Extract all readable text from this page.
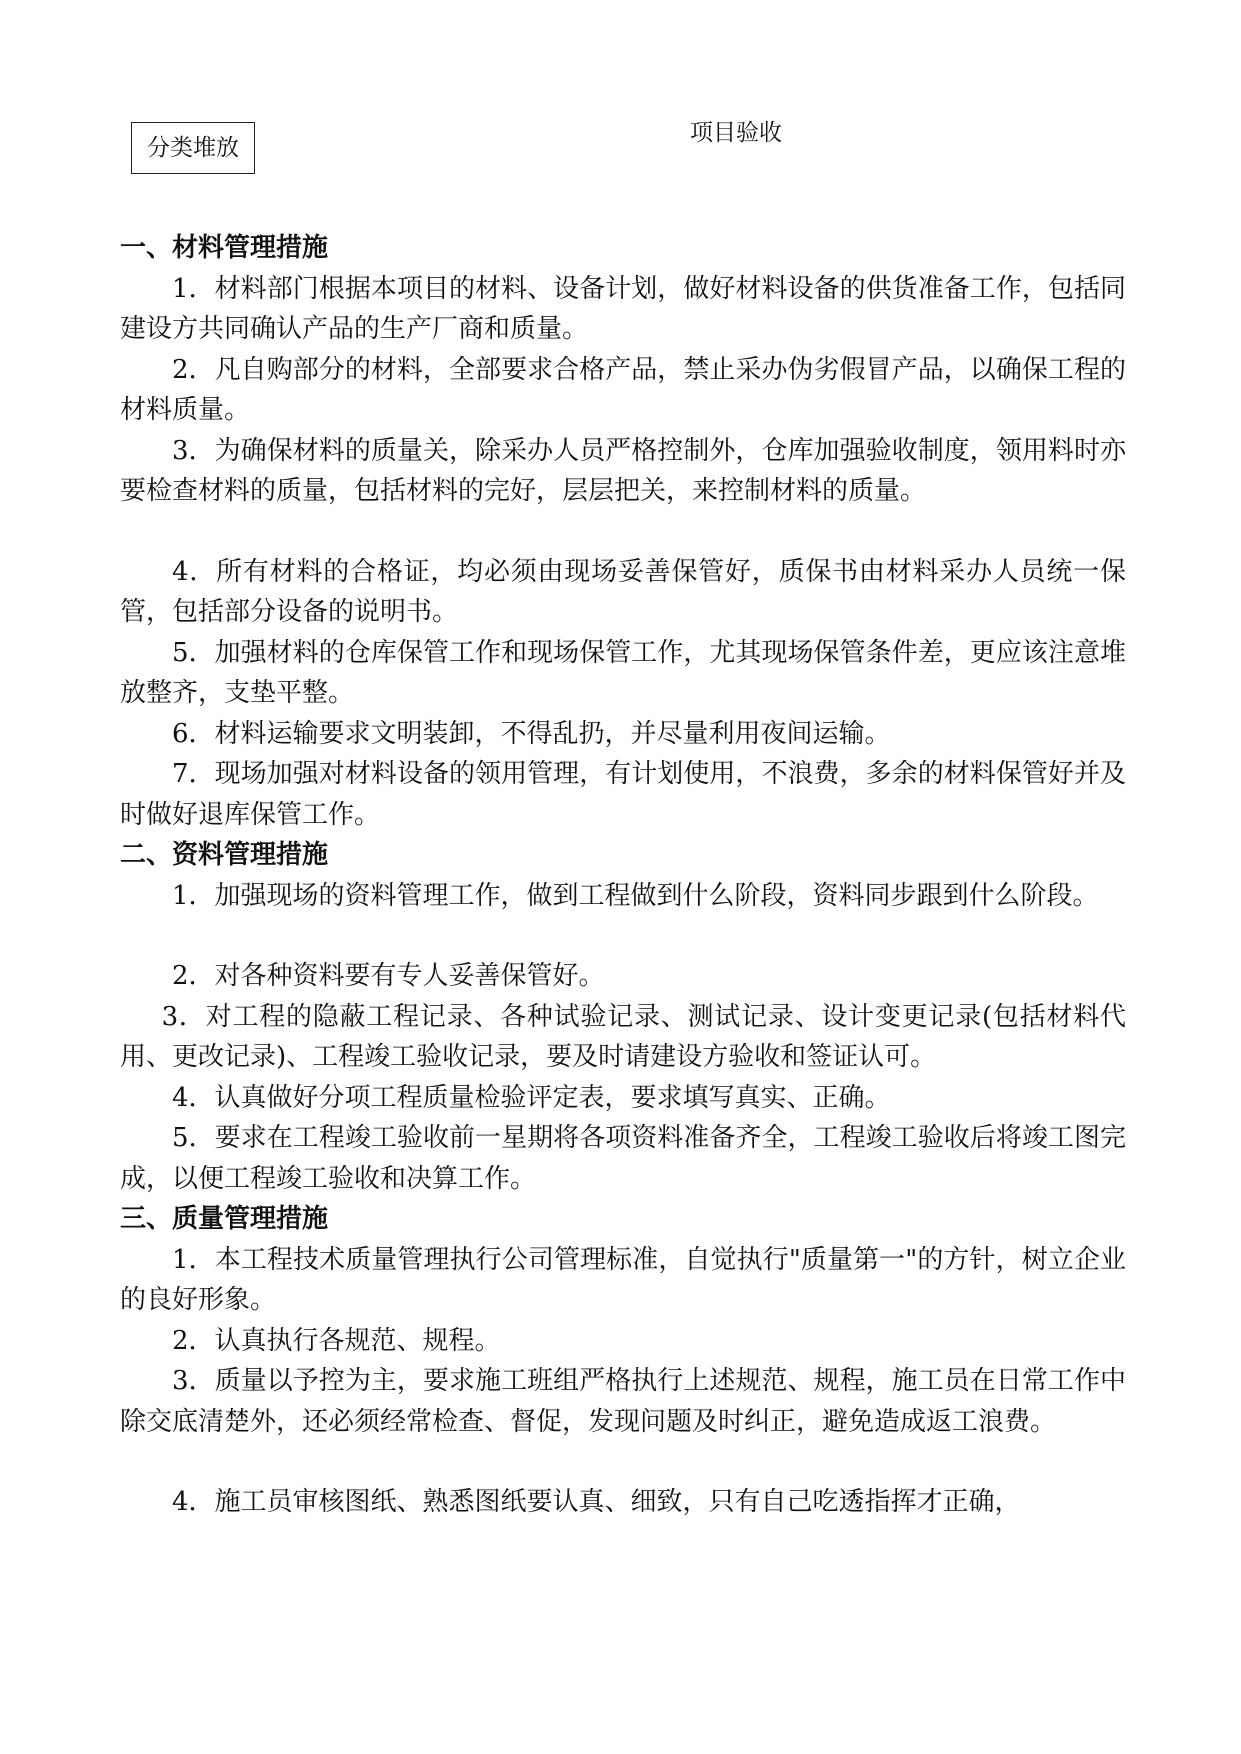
分类堆放
项目验收

一、材料管理措施

1．材料部门根据本项目的材料、设备计划，做好材料设备的供货准备工作，包括同建设方共同确认产品的生产厂商和质量。

2．凡自购部分的材料，全部要求合格产品，禁止采办伪劣假冒产品，以确保工程的材料质量。

3．为确保材料的质量关，除采办人员严格控制外，仓库加强验收制度，领用料时亦要检查材料的质量，包括材料的完好，层层把关，来控制材料的质量。

4．所有材料的合格证，均必须由现场妥善保管好，质保书由材料采办人员统一保管，包括部分设备的说明书。

5．加强材料的仓库保管工作和现场保管工作，尤其现场保管条件差，更应该注意堆放整齐，支垫平整。

6．材料运输要求文明装卸，不得乱扔，并尽量利用夜间运输。

7．现场加强对材料设备的领用管理，有计划使用，不浪费，多余的材料保管好并及时做好退库保管工作。

二、资料管理措施

1．加强现场的资料管理工作，做到工程做到什么阶段，资料同步跟到什么阶段。

2．对各种资料要有专人妥善保管好。

3．对工程的隐蔽工程记录、各种试验记录、测试记录、设计变更记录(包括材料代用、更改记录)、工程竣工验收记录，要及时请建设方验收和签证认可。

4．认真做好分项工程质量检验评定表，要求填写真实、正确。

5．要求在工程竣工验收前一星期将各项资料准备齐全，工程竣工验收后将竣工图完成，以便工程竣工验收和决算工作。

三、质量管理措施

1．本工程技术质量管理执行公司管理标准，自觉执行"质量第一"的方针，树立企业的良好形象。

2．认真执行各规范、规程。

3．质量以予控为主，要求施工班组严格执行上述规范、规程，施工员在日常工作中除交底清楚外，还必须经常检查、督促，发现问题及时纠正，避免造成返工浪费。

4．施工员审核图纸、熟悉图纸要认真、细致，只有自己吃透指挥才正确，
